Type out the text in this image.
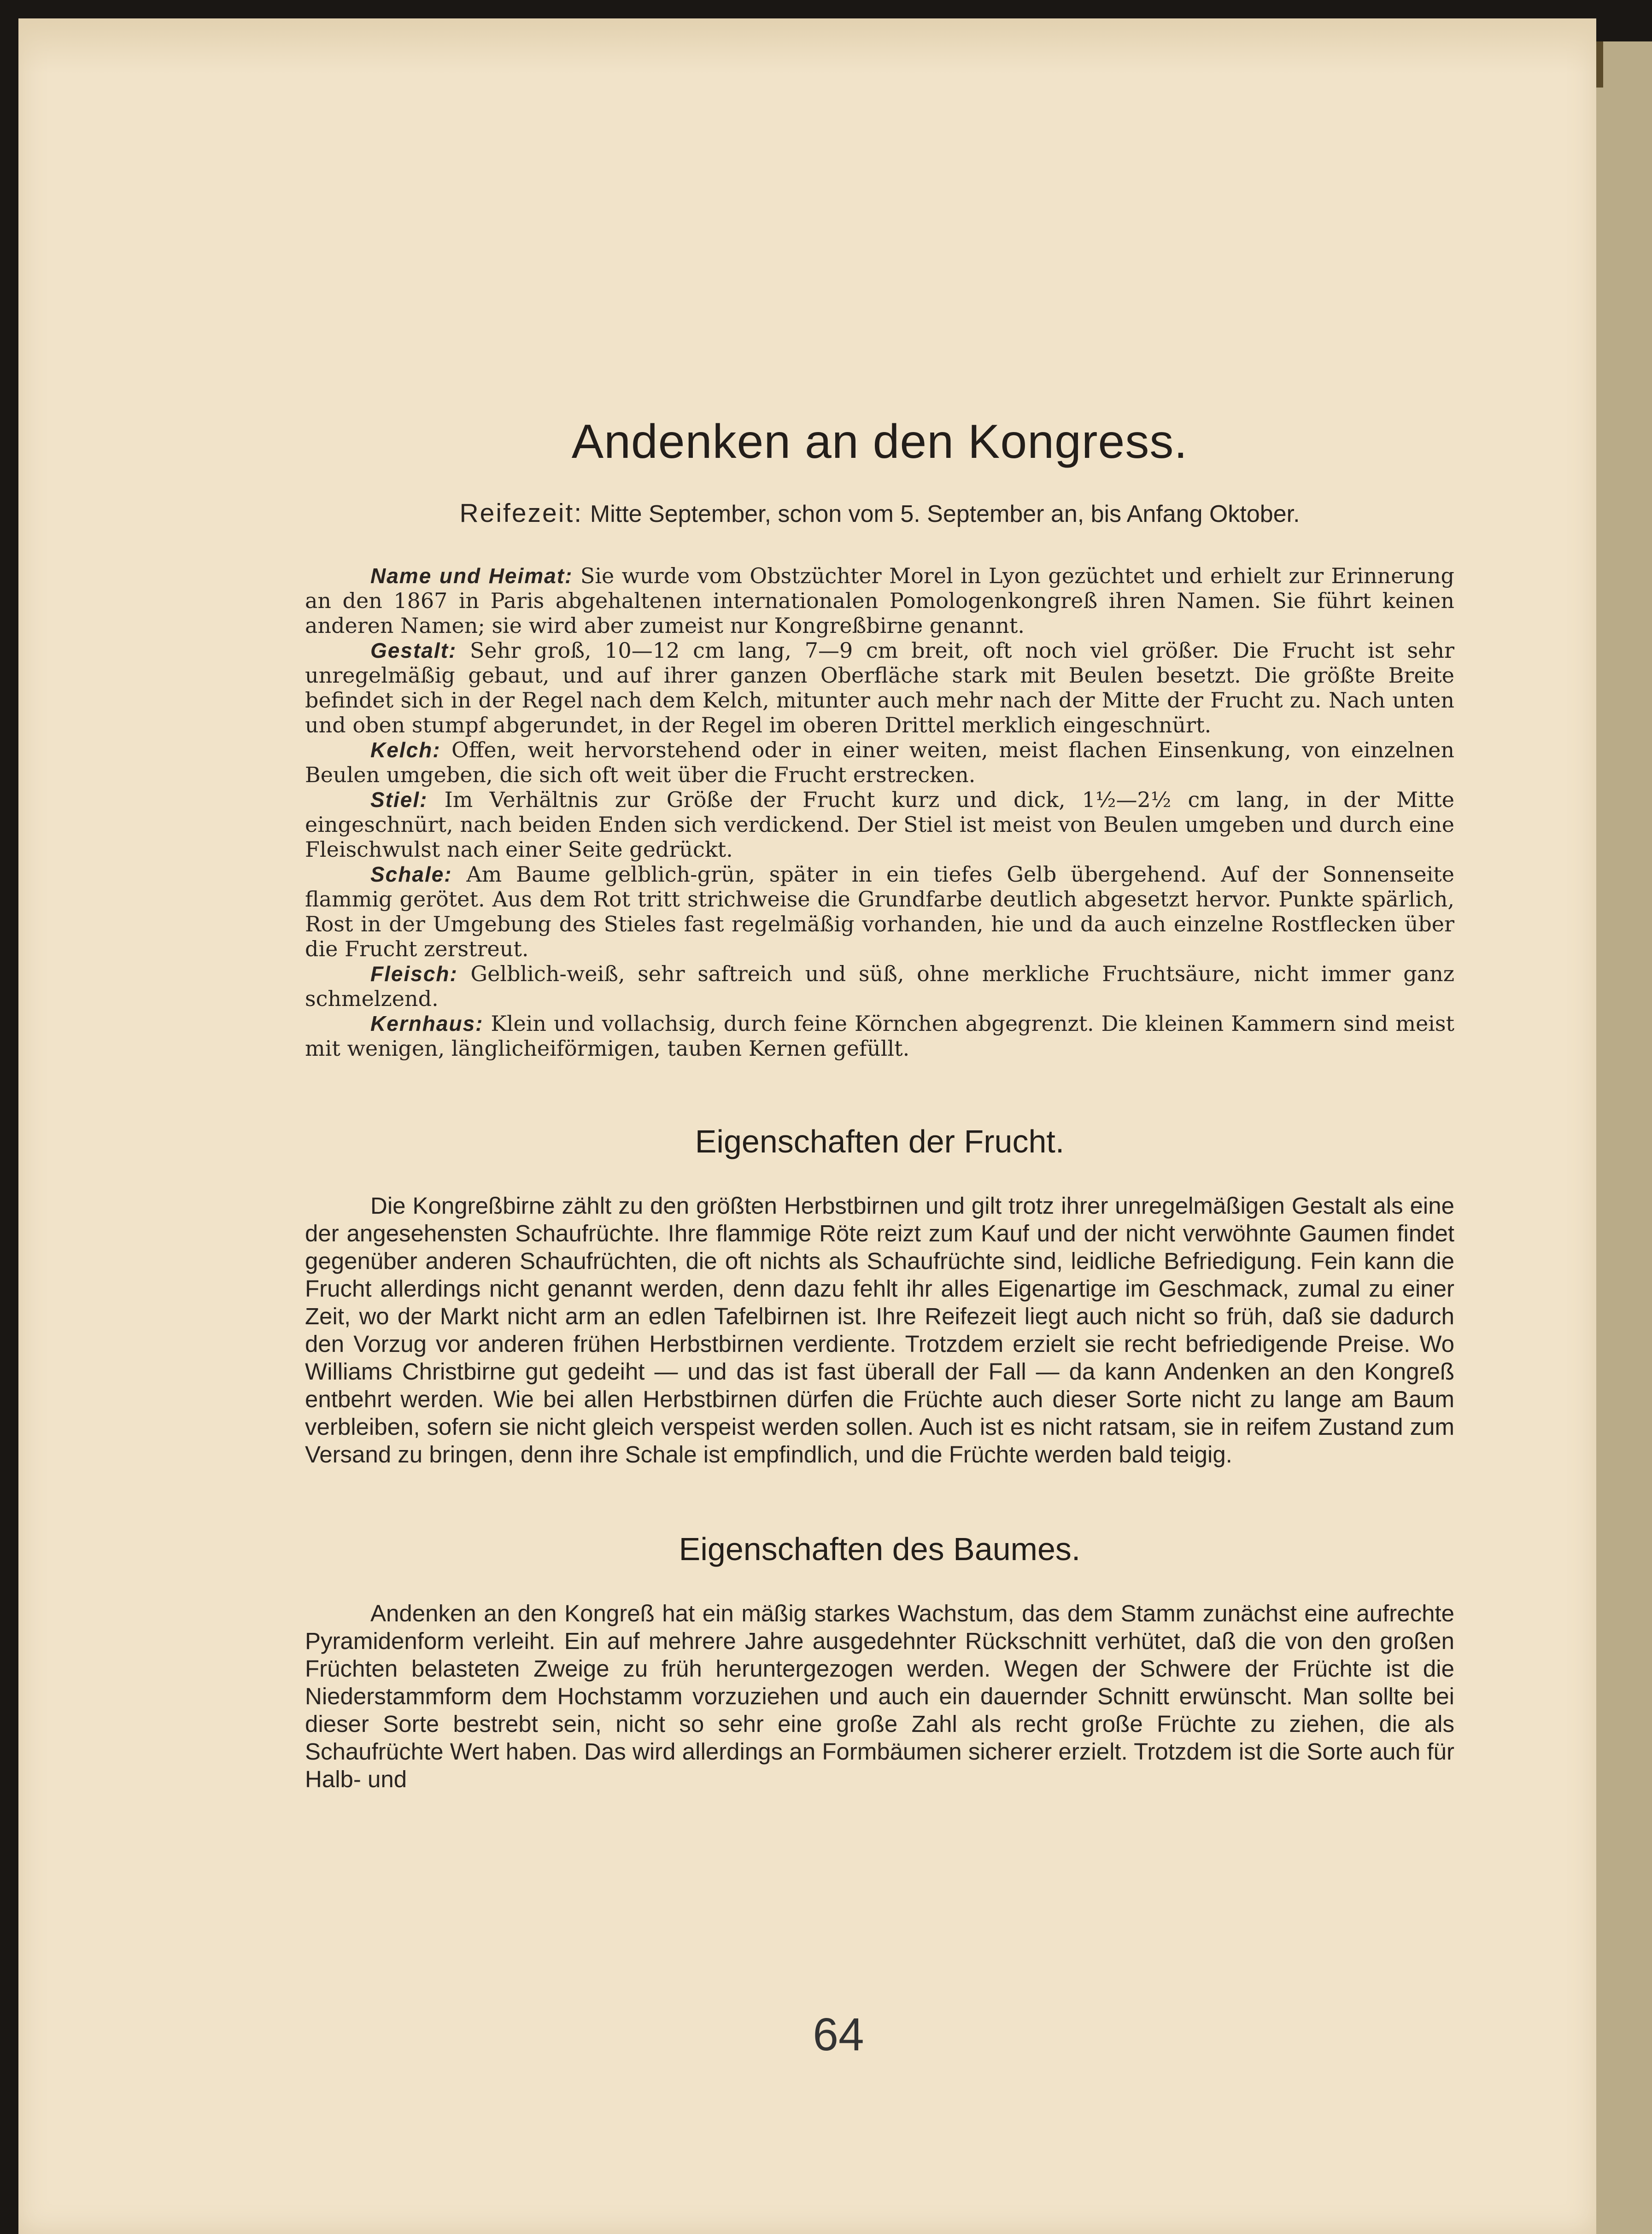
Andenken an den Kongress.
Reifezeit: Mitte September, schon vom 5. September an, bis Anfang Oktober.

Name und Heimat: Sie wurde vom Obstzüchter Morel in Lyon gezüchtet und erhielt zur Erinnerung an den 1867 in Paris abgehaltenen internationalen Pomologenkongreß ihren Namen. Sie führt keinen anderen Namen; sie wird aber zumeist nur Kongreßbirne genannt.

Gestalt: Sehr groß, 10—12 cm lang, 7—9 cm breit, oft noch viel größer. Die Frucht ist sehr unregelmäßig gebaut, und auf ihrer ganzen Oberfläche stark mit Beulen besetzt. Die größte Breite befindet sich in der Regel nach dem Kelch, mitunter auch mehr nach der Mitte der Frucht zu. Nach unten und oben stumpf abgerundet, in der Regel im oberen Drittel merklich eingeschnürt.

Kelch: Offen, weit hervorstehend oder in einer weiten, meist flachen Einsenkung, von einzelnen Beulen umgeben, die sich oft weit über die Frucht erstrecken.

Stiel: Im Verhältnis zur Größe der Frucht kurz und dick, 1½—2½ cm lang, in der Mitte eingeschnürt, nach beiden Enden sich verdickend. Der Stiel ist meist von Beulen umgeben und durch eine Fleischwulst nach einer Seite gedrückt.

Schale: Am Baume gelblich-grün, später in ein tiefes Gelb übergehend. Auf der Sonnenseite flammig gerötet. Aus dem Rot tritt strichweise die Grundfarbe deutlich abgesetzt hervor. Punkte spärlich, Rost in der Umgebung des Stieles fast regelmäßig vorhanden, hie und da auch einzelne Rostflecken über die Frucht zerstreut.

Fleisch: Gelblich-weiß, sehr saftreich und süß, ohne merkliche Fruchtsäure, nicht immer ganz schmelzend.

Kernhaus: Klein und vollachsig, durch feine Körnchen abgegrenzt. Die kleinen Kammern sind meist mit wenigen, länglicheiförmigen, tauben Kernen gefüllt.

Eigenschaften der Frucht.

Die Kongreßbirne zählt zu den größten Herbstbirnen und gilt trotz ihrer unregelmäßigen Gestalt als eine der angesehensten Schaufrüchte. Ihre flammige Röte reizt zum Kauf und der nicht verwöhnte Gaumen findet gegenüber anderen Schaufrüchten, die oft nichts als Schaufrüchte sind, leidliche Befriedigung. Fein kann die Frucht allerdings nicht genannt werden, denn dazu fehlt ihr alles Eigenartige im Geschmack, zumal zu einer Zeit, wo der Markt nicht arm an edlen Tafelbirnen ist. Ihre Reifezeit liegt auch nicht so früh, daß sie dadurch den Vorzug vor anderen frühen Herbstbirnen verdiente. Trotzdem erzielt sie recht befriedigende Preise. Wo Williams Christbirne gut gedeiht — und das ist fast überall der Fall — da kann Andenken an den Kongreß entbehrt werden. Wie bei allen Herbstbirnen dürfen die Früchte auch dieser Sorte nicht zu lange am Baum verbleiben, sofern sie nicht gleich verspeist werden sollen. Auch ist es nicht ratsam, sie in reifem Zustand zum Versand zu bringen, denn ihre Schale ist empfindlich, und die Früchte werden bald teigig.

Eigenschaften des Baumes.

Andenken an den Kongreß hat ein mäßig starkes Wachstum, das dem Stamm zunächst eine aufrechte Pyramidenform verleiht. Ein auf mehrere Jahre ausgedehnter Rückschnitt verhütet, daß die von den großen Früchten belasteten Zweige zu früh heruntergezogen werden. Wegen der Schwere der Früchte ist die Niederstammform dem Hochstamm vorzuziehen und auch ein dauernder Schnitt erwünscht. Man sollte bei dieser Sorte bestrebt sein, nicht so sehr eine große Zahl als recht große Früchte zu ziehen, die als Schaufrüchte Wert haben. Das wird allerdings an Formbäumen sicherer erzielt. Trotzdem ist die Sorte auch für Halb- und

64
